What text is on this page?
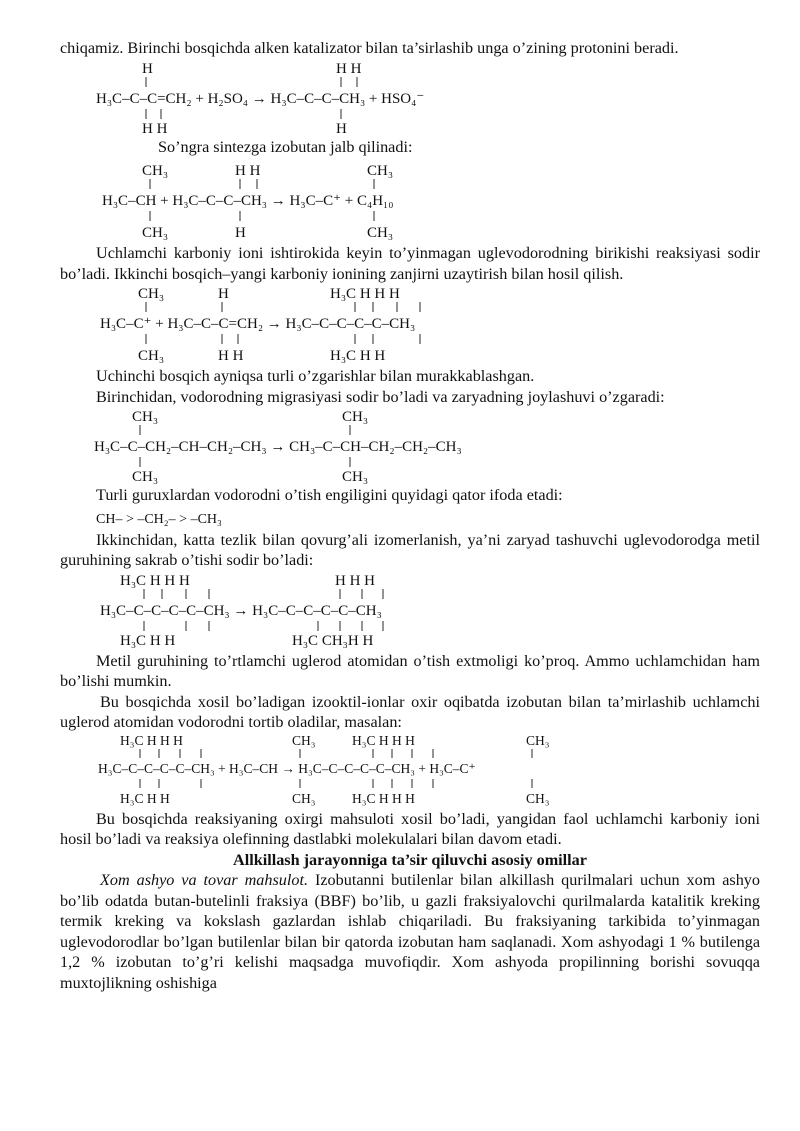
chiqamiz. Birinchi bosqichda alken katalizator bilan ta’sirlashib unga o’zining protonini beradi.

H	H H
H₃C–C–C=CH₂ + H₂SO₄ → H₃C–C–C–CH₃ + HSO₄⁻
H H	H

So’ngra sintezga izobutan jalb qilinadi:

CH₃	H H	CH₃
H₃C–CH + H₃C–C–C–CH₃ → H₃C–C⁺ + C₄H₁₀
CH₃	H	CH₃

Uchlamchi karboniy ioni ishtirokida keyin to’yinmagan uglevodorodning birikishi reaksiyasi sodir bo’ladi. Ikkinchi bosqich–yangi karboniy ionining zanjirni uzaytirish bilan hosil qilish.

CH₃	H	H₃C H H H
H₃C–C⁺ + H₃C–C–C=CH₂ → H₃C–C–C–C–C–CH₃
CH₃	H H	H₃C H H

Uchinchi bosqich ayniqsa turli o’zgarishlar bilan murakkablashgan.

Birinchidan, vodorodning migrasiyasi sodir bo’ladi va zaryadning joylashuvi o’zgaradi:

CH₃	CH₃
H₃C–C–CH₂–CH–CH₂–CH₃ → CH₃–C–CH–CH₂–CH₂–CH₃
CH₃	CH₃

Turli guruxlardan vodorodni o’tish engiligini quyidagi qator ifoda etadi:

CH– > –CH₂– > –CH₃

Ikkinchidan, katta tezlik bilan qovurg’ali izomerlanish, ya’ni zaryad tashuvchi uglevodorodga metil guruhining sakrab o’tishi sodir bo’ladi:

H₃C H H H	H H H
H₃C–C–C–C–C–CH₃ → H₃C–C–C–C–C–CH₃
H₃C H H	H₃C CH₃H H

Metil guruhining to’rtlamchi uglerod atomidan o’tish extmoligi ko’proq. Ammo uchlamchidan ham bo’lishi mumkin.

Bu bosqichda xosil bo’ladigan izooktil-ionlar oxir oqibatda izobutan bilan ta’mirlashib uchlamchi uglerod atomidan vodorodni tortib oladilar, masalan:

H₃C H H H	CH₃	H₃C H H H	CH₃
H₃C–C–C–C–C–CH₃ + H₃C–CH → H₃C–C–C–C–C–CH₃ + H₃C–C⁺
H₃C H H	CH₃	H₃C H H H	CH₃

Bu bosqichda reaksiyaning oxirgi mahsuloti xosil bo’ladi, yangidan faol uchlamchi karboniy ioni hosil bo’ladi va reaksiya olefinning dastlabki molekulalari bilan davom etadi.

Allkillash jarayonniga ta’sir qiluvchi asosiy omillar

Xom ashyo va tovar mahsulot. Izobutanni butilenlar bilan alkillash qurilmalari uchun xom ashyo bo’lib odatda butan-butelinli fraksiya (BBF) bo’lib, u gazli fraksiyalovchi qurilmalarda katalitik kreking termik kreking va kokslash gazlardan ishlab chiqariladi. Bu fraksiyaning tarkibida to’yinmagan uglevodorodlar bo’lgan butilenlar bilan bir qatorda izobutan ham saqlanadi. Xom ashyodagi 1 % butilenga 1,2 % izobutan to’g’ri kelishi maqsadga muvofiqdir. Xom ashyoda propilinning borishi sovuqqa muxtojlikning oshishiga
